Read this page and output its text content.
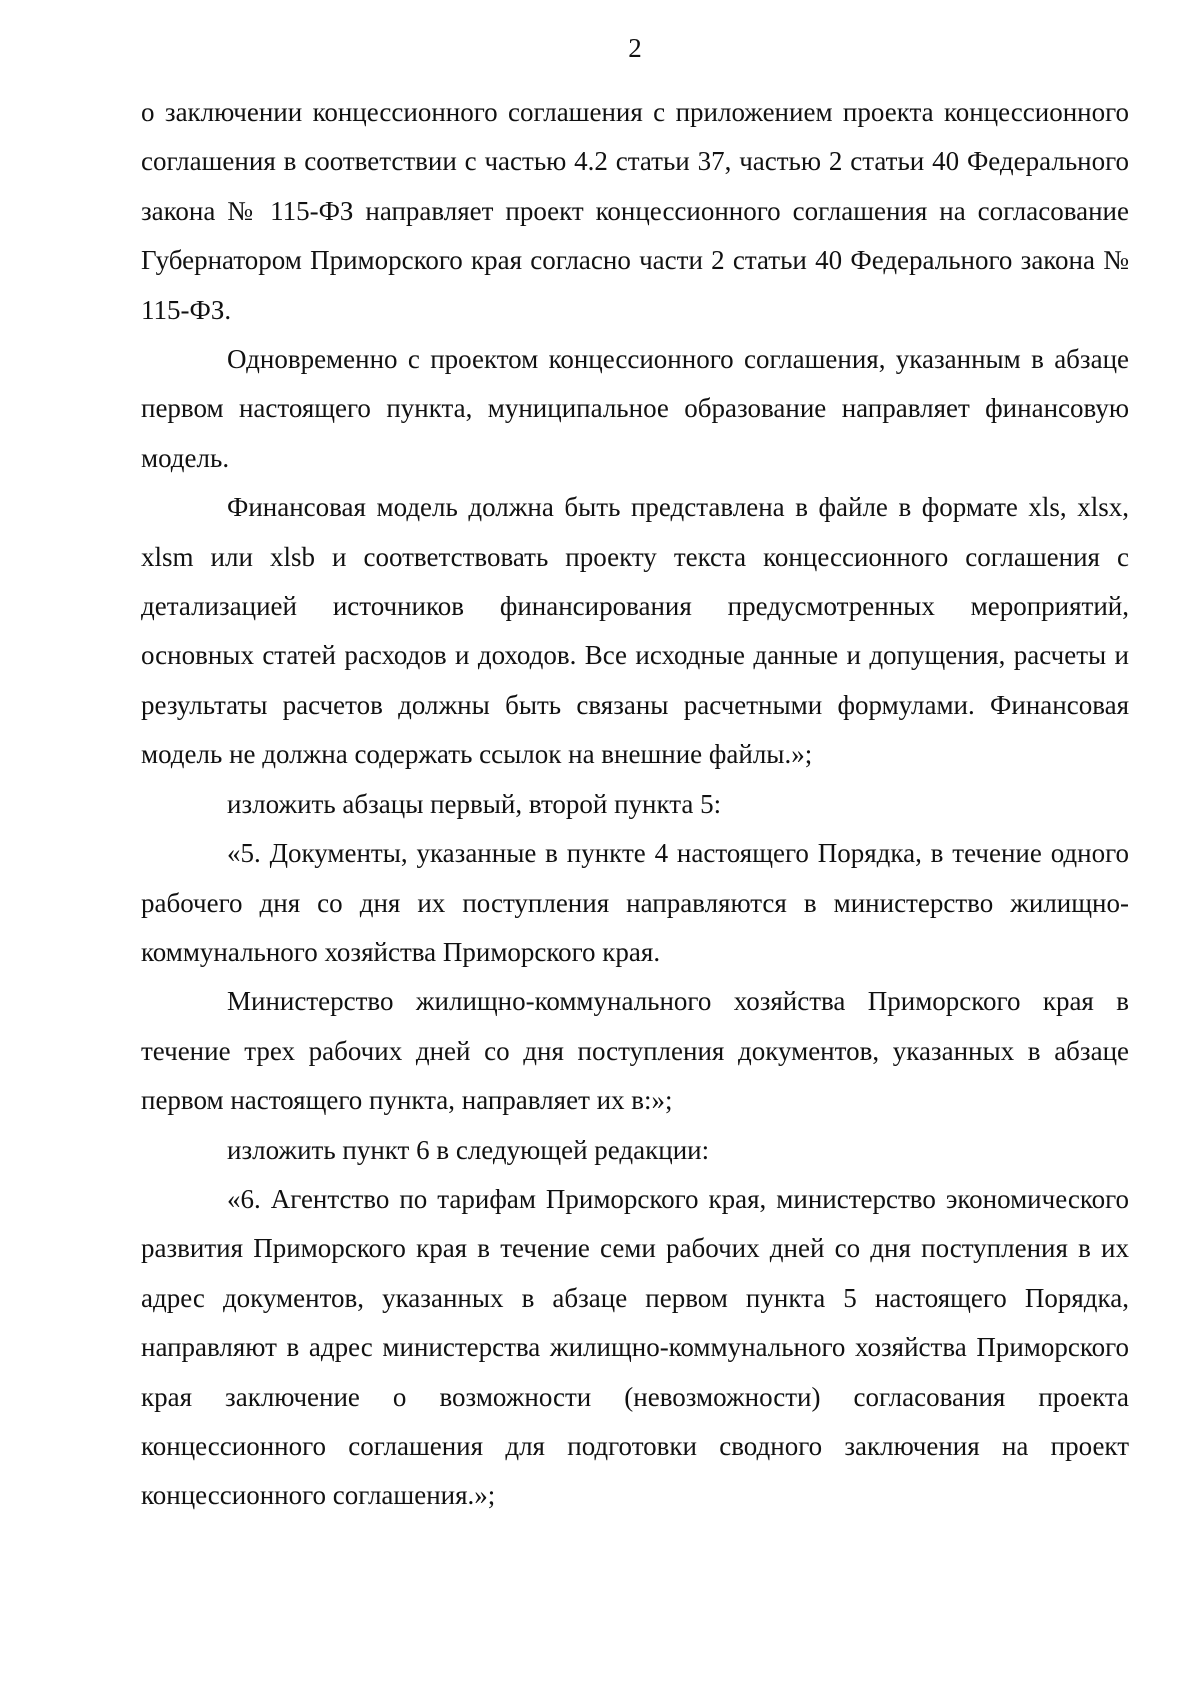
2

о заключении концессионного соглашения с приложением проекта концессионного соглашения в соответствии с частью 4.2 статьи 37, частью 2 статьи 40 Федерального закона № 115-ФЗ направляет проект концессионного соглашения на согласование Губернатором Приморского края согласно части 2 статьи 40 Федерального закона № 115-ФЗ.

Одновременно с проектом концессионного соглашения, указанным в абзаце первом настоящего пункта, муниципальное образование направляет финансовую модель.

Финансовая модель должна быть представлена в файле в формате xls, xlsx, xlsm или xlsb и соответствовать проекту текста концессионного соглашения с детализацией источников финансирования предусмотренных мероприятий, основных статей расходов и доходов. Все исходные данные и допущения, расчеты и результаты расчетов должны быть связаны расчетными формулами. Финансовая модель не должна содержать ссылок на внешние файлы.»;

изложить абзацы первый, второй пункта 5:

«5. Документы, указанные в пункте 4 настоящего Порядка, в течение одного рабочего дня со дня их поступления направляются в министерство жилищно-коммунального хозяйства Приморского края.

Министерство жилищно-коммунального хозяйства Приморского края в течение трех рабочих дней со дня поступления документов, указанных в абзаце первом настоящего пункта, направляет их в:»;

изложить пункт 6 в следующей редакции:

«6. Агентство по тарифам Приморского края, министерство экономического развития Приморского края в течение семи рабочих дней со дня поступления в их адрес документов, указанных в абзаце первом пункта 5 настоящего Порядка, направляют в адрес министерства жилищно-коммунального хозяйства Приморского края заключение о возможности (невозможности) согласования проекта концессионного соглашения для подготовки сводного заключения на проект концессионного соглашения.»;
